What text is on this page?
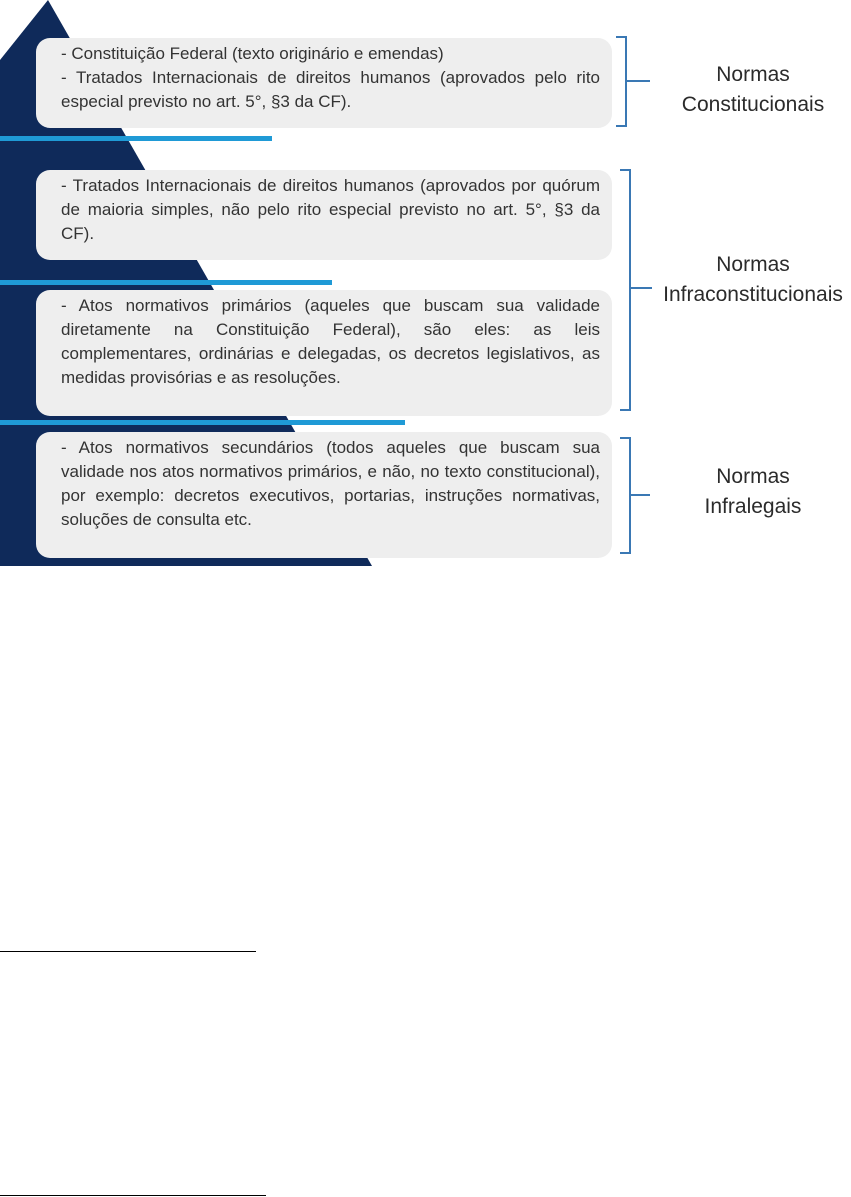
- Constituição Federal (texto originário e emendas)
- Tratados Internacionais de direitos humanos (aprovados pelo rito especial previsto no art. 5°, §3 da CF).
- Tratados Internacionais de direitos humanos (aprovados por quórum de maioria simples, não pelo rito especial previsto no art. 5°, §3 da CF).
- Atos normativos primários (aqueles que buscam sua validade diretamente na Constituição Federal), são eles: as leis complementares, ordinárias e delegadas, os decretos legislativos, as medidas provisórias e as resoluções.
- Atos normativos secundários (todos aqueles que buscam sua validade nos atos normativos primários, e não, no texto constitucional), por exemplo: decretos executivos, portarias, instruções normativas, soluções de consulta etc.
Normas
Constitucionais
Normas
Infraconstitucionais
Normas
Infralegais
